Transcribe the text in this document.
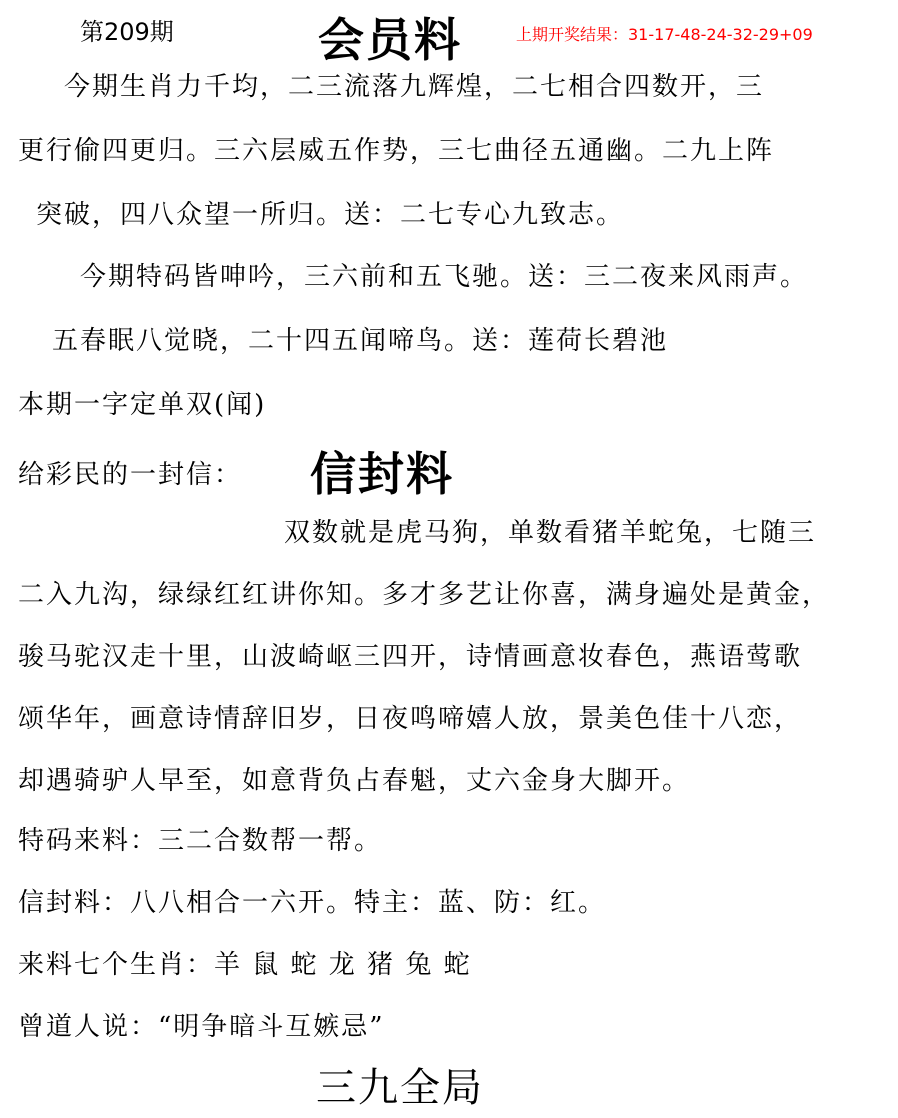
第209期	会员料	上期开奖结果：31-17-48-24-32-29+09
今期生肖力千均，二三流落九辉煌，二七相合四数开，三
更行偷四更归。三六层威五作势，三七曲径五通幽。二九上阵
突破，四八众望一所归。送：二七专心九致志。
今期特码皆呻吟，三六前和五飞驰。送：三二夜来风雨声。
五春眠八觉晓，二十四五闻啼鸟。送：莲荷长碧池
本期一字定单双(闻)
给彩民的一封信： 信封料
双数就是虎马狗，单数看猪羊蛇兔，七随三
二入九沟，绿绿红红讲你知。多才多艺让你喜，满身遍处是黄金，
骏马驼汉走十里，山波崎岖三四开，诗情画意妆春色，燕语莺歌
颂华年，画意诗情辞旧岁，日夜鸣啼嬉人放，景美色佳十八恋，
却遇骑驴人早至，如意背负占春魁，丈六金身大脚开。
特码来料：三二合数帮一帮。
信封料：八八相合一六开。特主：蓝、防：红。
来料七个生肖：羊 鼠 蛇 龙 猪 兔 蛇
曾道人说：“明争暗斗互嫉忌”
三九全局
